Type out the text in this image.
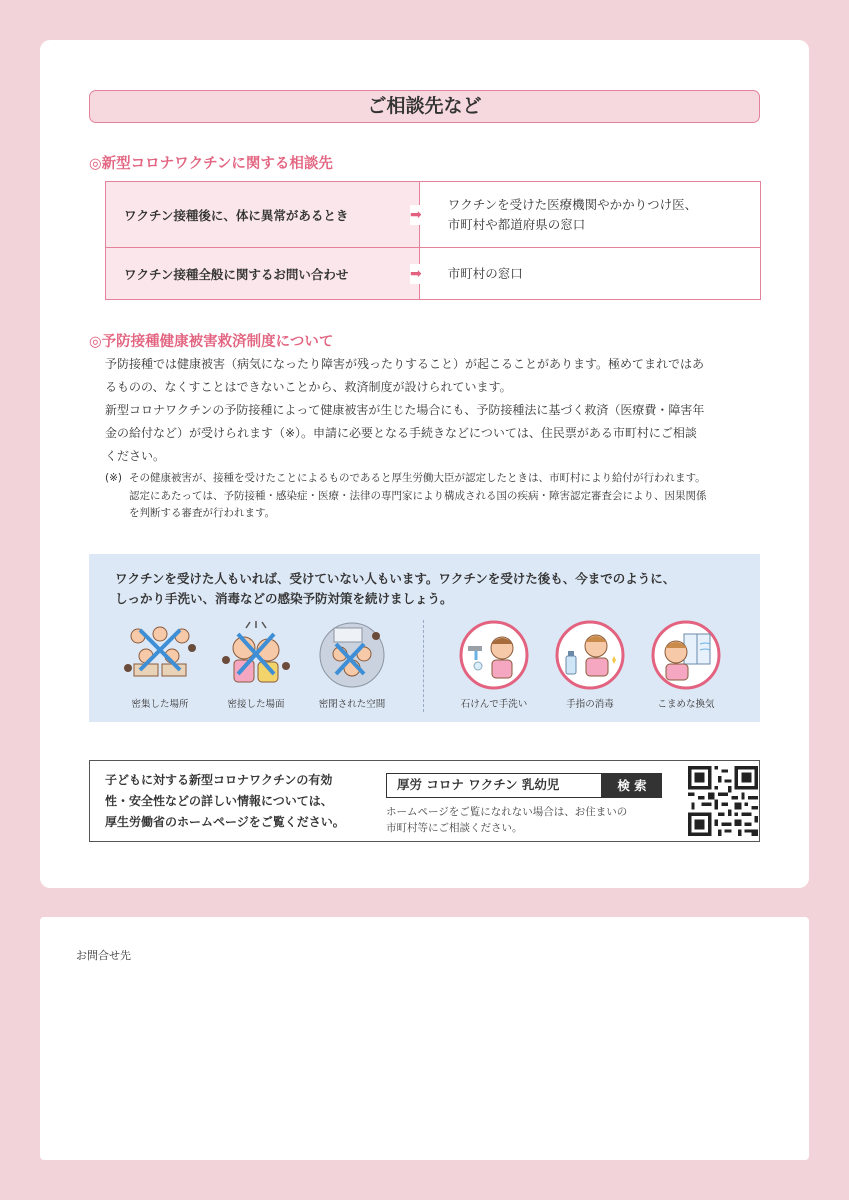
ご相談先など
◎新型コロナワクチンに関する相談先
ワクチン接種後に、体に異常があるとき	➡
ワクチンを受けた医療機関やかかりつけ医、
市町村や都道府県の窓口

ワクチン接種全般に関するお問い合わせ	➡ 市町村の窓口
◎予防接種健康被害救済制度について
予防接種では健康被害（病気になったり障害が残ったりすること）が起こることがあります。極めてまれではあ
るものの、なくすことはできないことから、救済制度が設けられています。
新型コロナワクチンの予防接種によって健康被害が生じた場合にも、予防接種法に基づく救済（医療費・障害年
金の給付など）が受けられます（※）。申請に必要となる手続きなどについては、住民票がある市町村にご相談
ください。
(※) その健康被害が、接種を受けたことによるものであると厚生労働大臣が認定したときは、市町村により給付が行われます。
認定にあたっては、予防接種・感染症・医療・法律の専門家により構成される国の疾病・障害認定審査会により、因果関係
を判断する審査が行われます。
ワクチンを受けた人もいれば、受けていない人もいます。ワクチンを受けた後も、今までのように、
しっかり手洗い、消毒などの感染予防対策を続けましょう。
密集した場所	密接した場面	密閉された空間	石けんで手洗い	手指の消毒	こまめな換気
子どもに対する新型コロナワクチンの有効
性・安全性などの詳しい情報については、
厚生労働省のホームページをご覧ください。
厚労 コロナ ワクチン 乳幼児	検 索
ホームページをご覧になれない場合は、お住まいの
市町村等にご相談ください。
お問合せ先
